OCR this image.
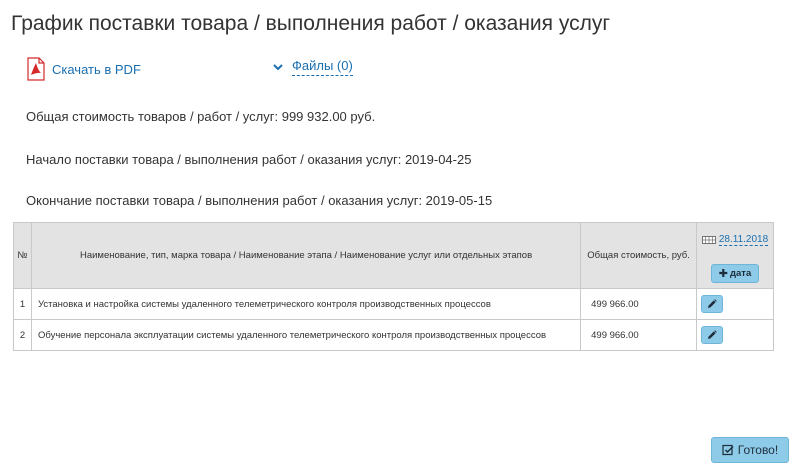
График поставки товара / выполнения работ / оказания услуг
Скачать в PDF	Файлы (0)
Общая стоимость товаров / работ / услуг: 999 932.00 руб.
Начало поставки товара / выполнения работ / оказания услуг: 2019-04-25
Окончание поставки товара / выполнения работ / оказания услуг: 2019-05-15
№	Наименование, тип, марка товара / Наименование этапа / Наименование услуг или отдельных этапов	Общая стоимость, руб.	28.11.2018
✚ дата

1	Установка и настройка системы удаленного телеметрического контроля производственных процессов	499 966.00	

2	Обучение персонала эксплуатации системы удаленного телеметрического контроля производственных процессов	499 966.00	
Готово!
